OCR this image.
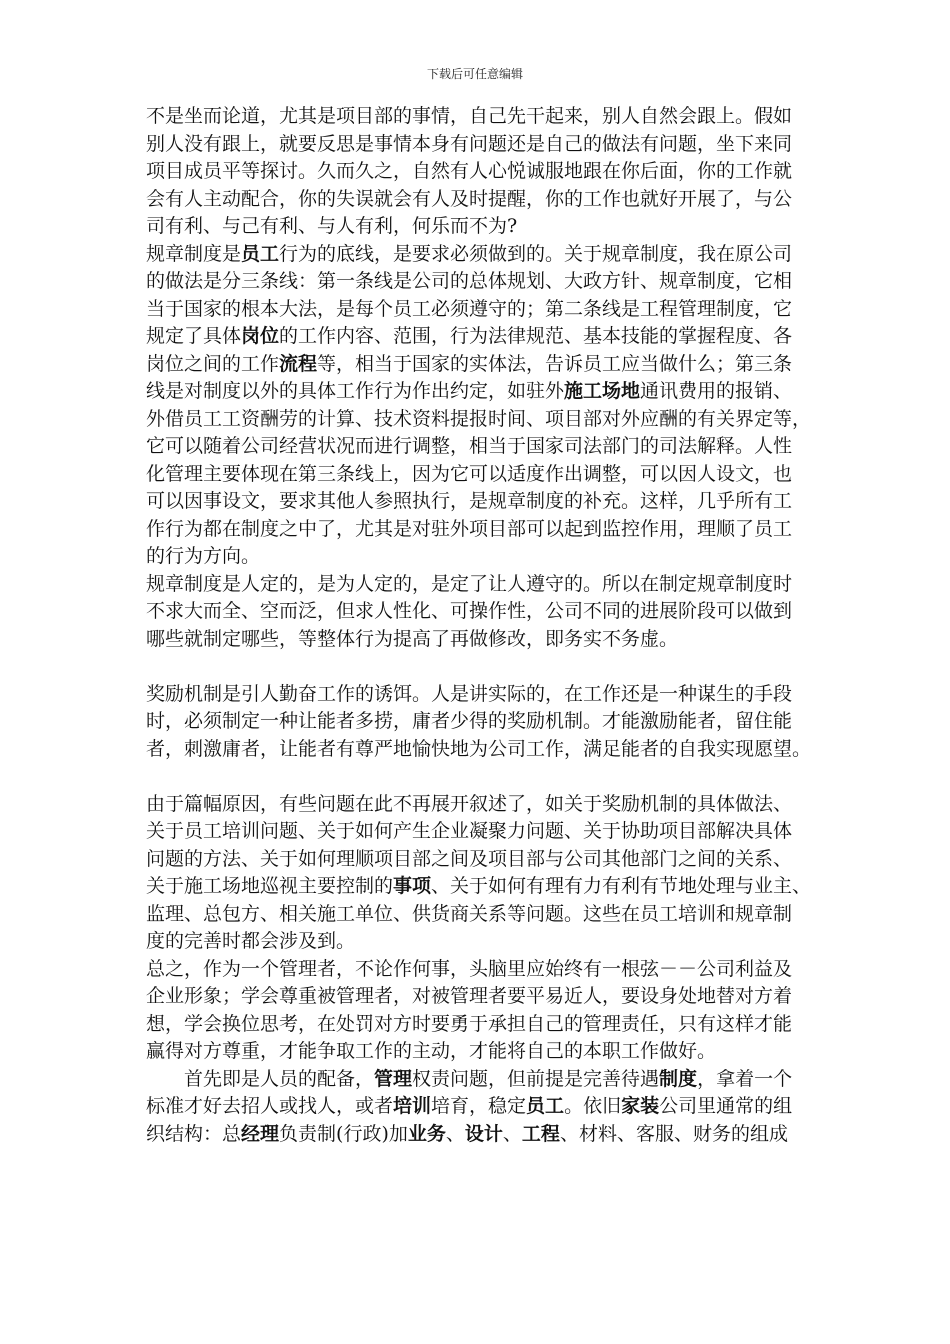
下载后可任意编辑

不是坐而论道，尤其是项目部的事情，自己先干起来，别人自然会跟上。假如

别人没有跟上，就要反思是事情本身有问题还是自己的做法有问题，坐下来同

项目成员平等探讨。久而久之，自然有人心悦诚服地跟在你后面，你的工作就

会有人主动配合，你的失误就会有人及时提醒，你的工作也就好开展了，与公

司有利、与己有利、与人有利，何乐而不为?

规章制度是员工行为的底线，是要求必须做到的。关于规章制度，我在原公司

的做法是分三条线：第一条线是公司的总体规划、大政方针、规章制度，它相

当于国家的根本大法，是每个员工必须遵守的；第二条线是工程管理制度，它

规定了具体岗位的工作内容、范围，行为法律规范、基本技能的掌握程度、各

岗位之间的工作流程等，相当于国家的实体法，告诉员工应当做什么；第三条

线是对制度以外的具体工作行为作出约定，如驻外施工场地通讯费用的报销、

外借员工工资酬劳的计算、技术资料提报时间、项目部对外应酬的有关界定等，

它可以随着公司经营状况而进行调整，相当于国家司法部门的司法解释。人性

化管理主要体现在第三条线上，因为它可以适度作出调整，可以因人设文，也

可以因事设文，要求其他人参照执行，是规章制度的补充。这样，几乎所有工

作行为都在制度之中了，尤其是对驻外项目部可以起到监控作用，理顺了员工

的行为方向。

规章制度是人定的，是为人定的，是定了让人遵守的。所以在制定规章制度时

不求大而全、空而泛，但求人性化、可操作性，公司不同的进展阶段可以做到

哪些就制定哪些，等整体行为提高了再做修改，即务实不务虚。

奖励机制是引人勤奋工作的诱饵。人是讲实际的，在工作还是一种谋生的手段

时，必须制定一种让能者多捞，庸者少得的奖励机制。才能激励能者，留住能

者，刺激庸者，让能者有尊严地愉快地为公司工作，满足能者的自我实现愿望。

由于篇幅原因，有些问题在此不再展开叙述了，如关于奖励机制的具体做法、

关于员工培训问题、关于如何产生企业凝聚力问题、关于协助项目部解决具体

问题的方法、关于如何理顺项目部之间及项目部与公司其他部门之间的关系、

关于施工场地巡视主要控制的事项、关于如何有理有力有利有节地处理与业主、

监理、总包方、相关施工单位、供货商关系等问题。这些在员工培训和规章制

度的完善时都会涉及到。

总之，作为一个管理者，不论作何事，头脑里应始终有一根弦－－公司利益及

企业形象；学会尊重被管理者，对被管理者要平易近人，要设身处地替对方着

想，学会换位思考，在处罚对方时要勇于承担自己的管理责任，只有这样才能

赢得对方尊重，才能争取工作的主动，才能将自己的本职工作做好。

　　首先即是人员的配备，管理权责问题，但前提是完善待遇制度，拿着一个

标准才好去招人或找人，或者培训培育，稳定员工。依旧家装公司里通常的组

织结构：总经理负责制(行政)加业务、设计、工程、材料、客服、财务的组成
